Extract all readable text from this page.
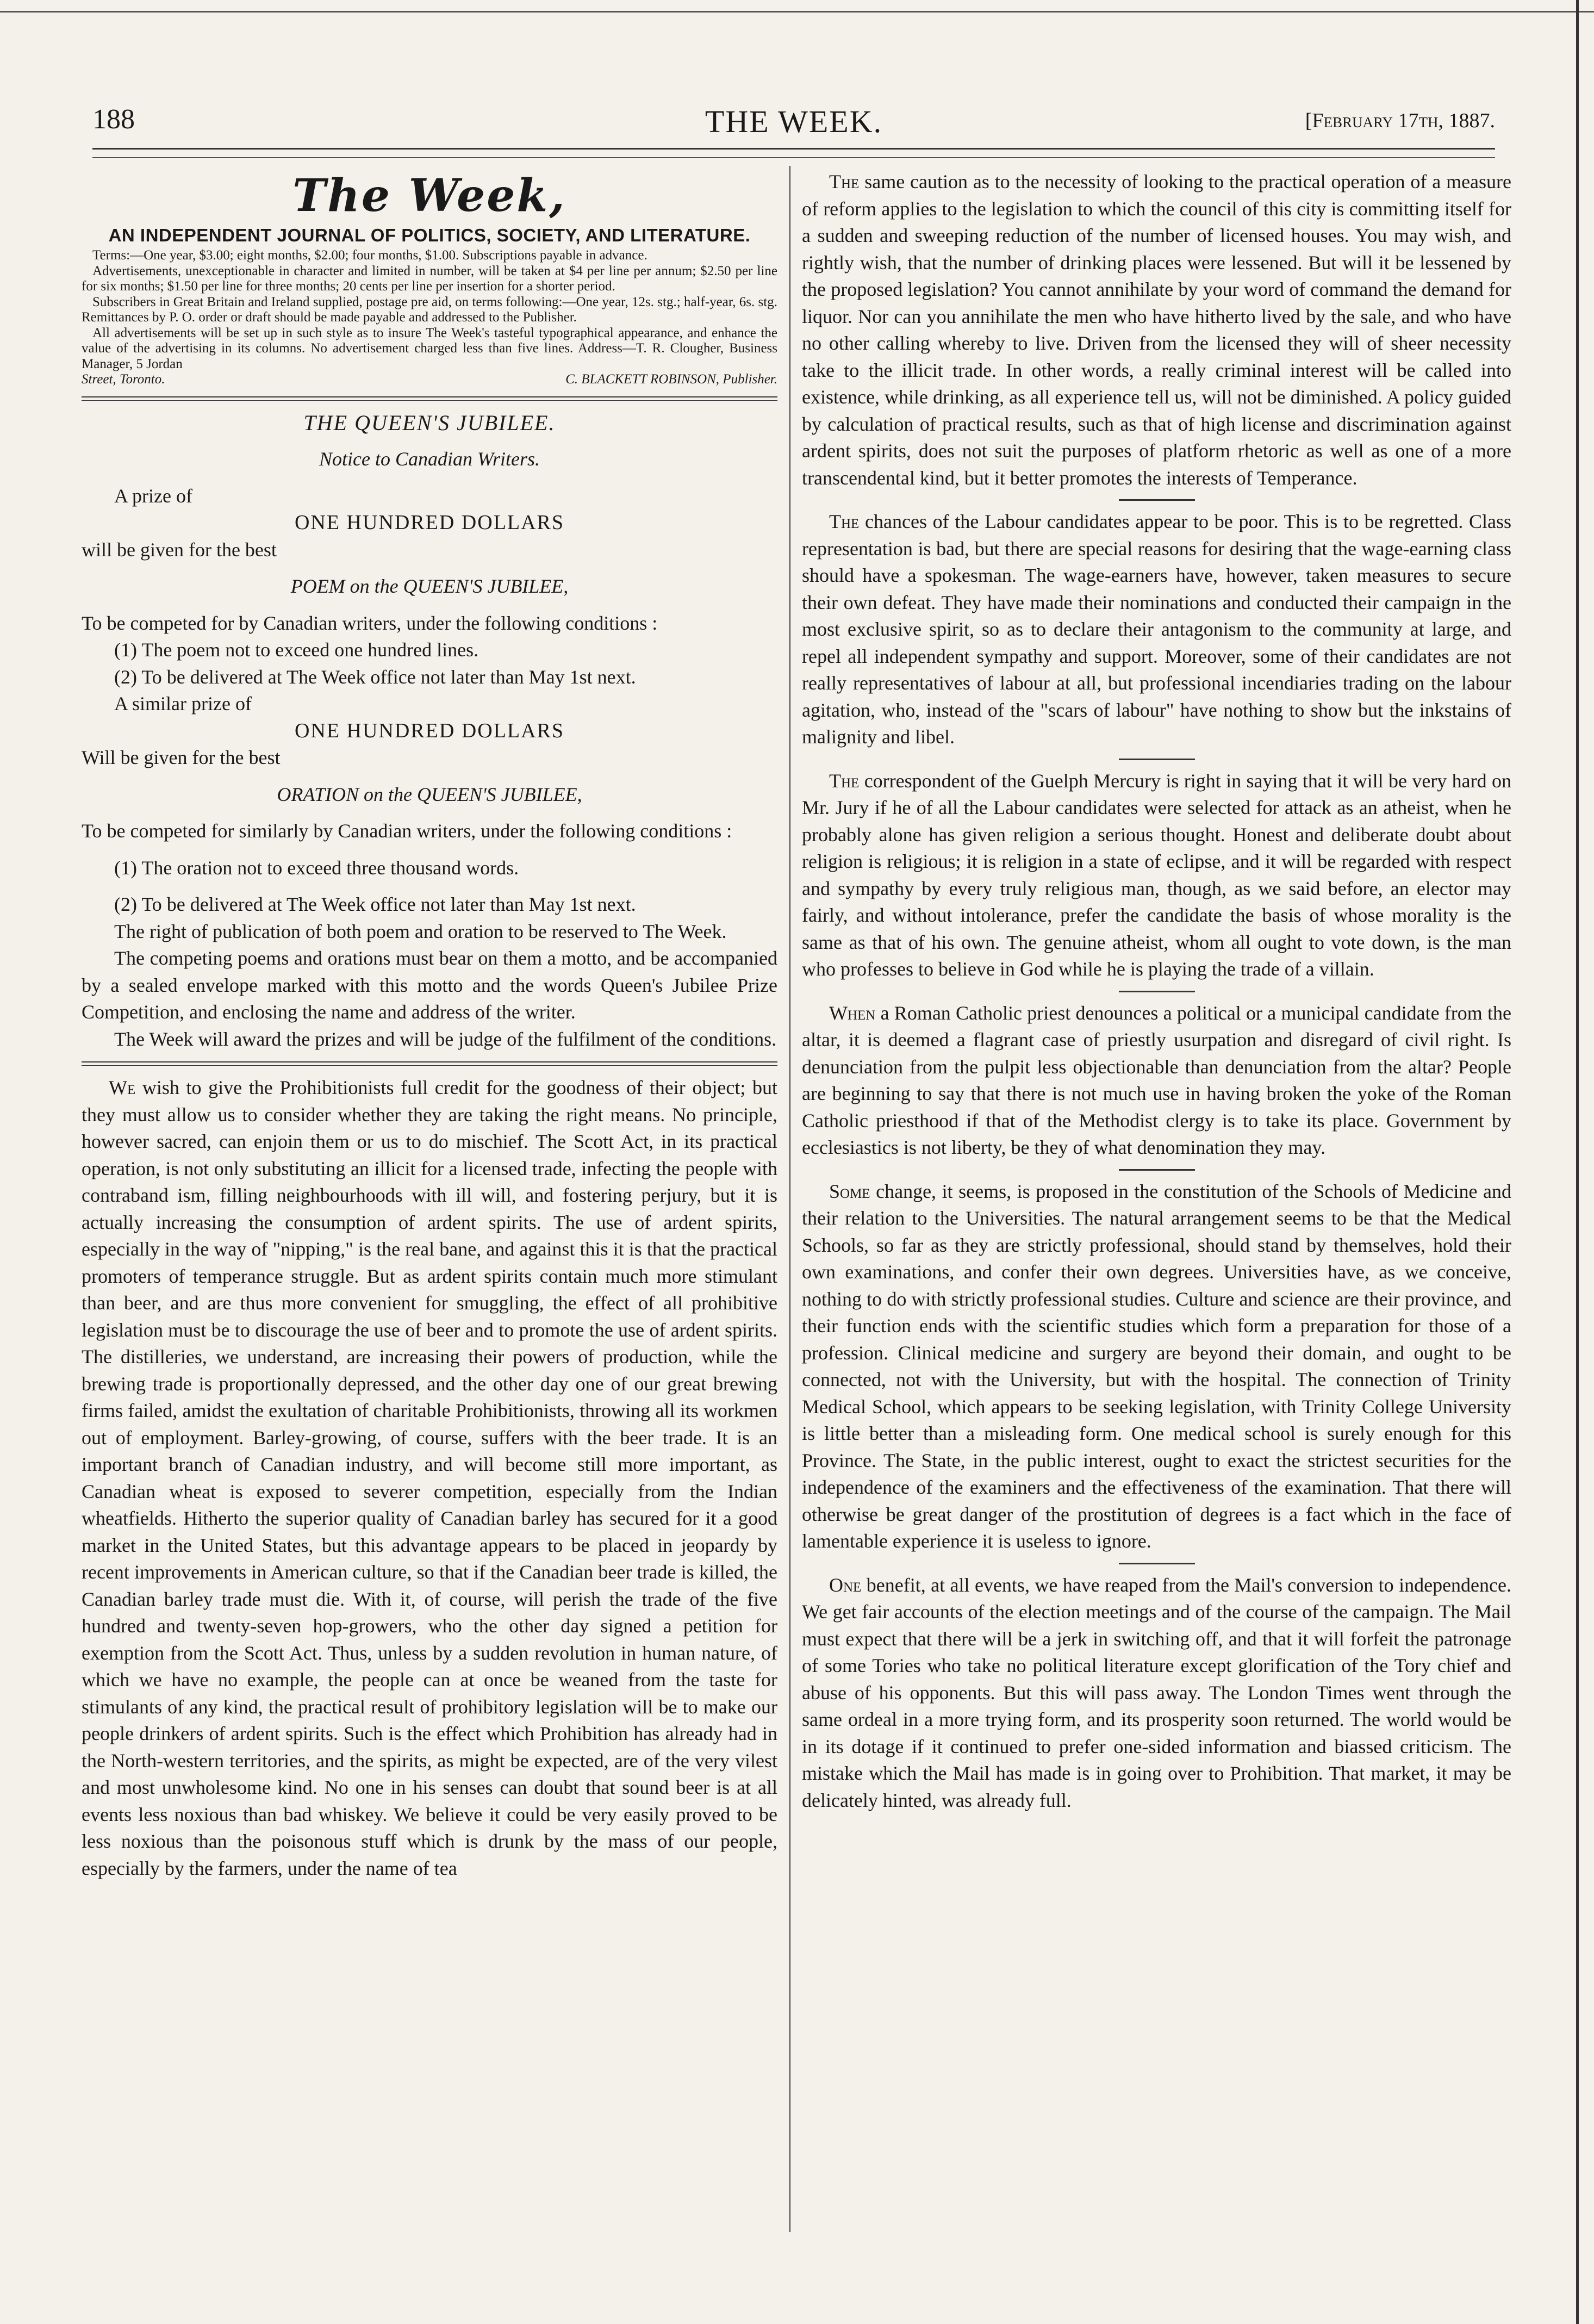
188	THE WEEK.	[February 17th, 1887.
The Week,
AN INDEPENDENT JOURNAL OF POLITICS, SOCIETY, AND LITERATURE.

Terms:—One year, $3.00; eight months, $2.00; four months, $1.00. Subscriptions payable in advance.

Advertisements, unexceptionable in character and limited in number, will be taken at $4 per line per annum; $2.50 per line for six months; $1.50 per line for three months; 20 cents per line per insertion for a shorter period.

Subscribers in Great Britain and Ireland supplied, postage pre aid, on terms following:—One year, 12s. stg.; half-year, 6s. stg. Remittances by P. O. order or draft should be made payable and addressed to the Publisher.

All advertisements will be set up in such style as to insure The Week's tasteful typographical appearance, and enhance the value of the advertising in its columns. No advertisement charged less than five lines. Address—T. R. Clougher, Business Manager, 5 Jordan

Street, Toronto.	C. BLACKETT ROBINSON, Publisher.
THE QUEEN'S JUBILEE.
Notice to Canadian Writers.

A prize of

ONE HUNDRED DOLLARS

will be given for the best

POEM on the QUEEN'S JUBILEE,

To be competed for by Canadian writers, under the following conditions :

(1) The poem not to exceed one hundred lines.

(2) To be delivered at The Week office not later than May 1st next.

A similar prize of

ONE HUNDRED DOLLARS

Will be given for the best

ORATION on the QUEEN'S JUBILEE,

To be competed for similarly by Canadian writers, under the following conditions :

(1) The oration not to exceed three thousand words.

(2) To be delivered at The Week office not later than May 1st next.

The right of publication of both poem and oration to be reserved to The Week.

The competing poems and orations must bear on them a motto, and be accompanied by a sealed envelope marked with this motto and the words Queen's Jubilee Prize Competition, and enclosing the name and address of the writer.

The Week will award the prizes and will be judge of the fulfilment of the conditions.

We wish to give the Prohibitionists full credit for the goodness of their object; but they must allow us to consider whether they are taking the right means. No principle, however sacred, can enjoin them or us to do mischief. The Scott Act, in its practical operation, is not only substituting an illicit for a licensed trade, infecting the people with contraband ism, filling neighbourhoods with ill will, and fostering perjury, but it is actually increasing the consumption of ardent spirits. The use of ardent spirits, especially in the way of "nipping," is the real bane, and against this it is that the practical promoters of temperance struggle. But as ardent spirits contain much more stimulant than beer, and are thus more convenient for smuggling, the effect of all prohibitive legislation must be to discourage the use of beer and to promote the use of ardent spirits. The distilleries, we understand, are increasing their powers of production, while the brewing trade is proportionally depressed, and the other day one of our great brewing firms failed, amidst the exultation of charitable Prohibitionists, throwing all its workmen out of employment. Barley-growing, of course, suffers with the beer trade. It is an important branch of Canadian industry, and will become still more important, as Canadian wheat is exposed to severer competition, especially from the Indian wheatfields. Hitherto the superior quality of Canadian barley has secured for it a good market in the United States, but this advantage appears to be placed in jeopardy by recent improvements in American culture, so that if the Canadian beer trade is killed, the Canadian barley trade must die. With it, of course, will perish the trade of the five hundred and twenty-seven hop-growers, who the other day signed a petition for exemption from the Scott Act. Thus, unless by a sudden revolution in human nature, of which we have no example, the people can at once be weaned from the taste for stimulants of any kind, the practical result of prohibitory legislation will be to make our people drinkers of ardent spirits. Such is the effect which Prohibition has already had in the North-western territories, and the spirits, as might be expected, are of the very vilest and most unwholesome kind. No one in his senses can doubt that sound beer is at all events less noxious than bad whiskey. We believe it could be very easily proved to be less noxious than the poisonous stuff which is drunk by the mass of our people, especially by the farmers, under the name of tea

The same caution as to the necessity of looking to the practical operation of a measure of reform applies to the legislation to which the council of this city is committing itself for a sudden and sweeping reduction of the number of licensed houses. You may wish, and rightly wish, that the number of drinking places were lessened. But will it be lessened by the proposed legislation? You cannot annihilate by your word of command the demand for liquor. Nor can you annihilate the men who have hitherto lived by the sale, and who have no other calling whereby to live. Driven from the licensed they will of sheer necessity take to the illicit trade. In other words, a really criminal interest will be called into existence, while drinking, as all experience tell us, will not be diminished. A policy guided by calculation of practical results, such as that of high license and discrimination against ardent spirits, does not suit the purposes of platform rhetoric as well as one of a more transcendental kind, but it better promotes the interests of Temperance.

The chances of the Labour candidates appear to be poor. This is to be regretted. Class representation is bad, but there are special reasons for desiring that the wage-earning class should have a spokesman. The wage-earners have, however, taken measures to secure their own defeat. They have made their nominations and conducted their campaign in the most exclusive spirit, so as to declare their antagonism to the community at large, and repel all independent sympathy and support. Moreover, some of their candidates are not really representatives of labour at all, but professional incendiaries trading on the labour agitation, who, instead of the "scars of labour" have nothing to show but the inkstains of malignity and libel.

The correspondent of the Guelph Mercury is right in saying that it will be very hard on Mr. Jury if he of all the Labour candidates were selected for attack as an atheist, when he probably alone has given religion a serious thought. Honest and deliberate doubt about religion is religious; it is religion in a state of eclipse, and it will be regarded with respect and sympathy by every truly religious man, though, as we said before, an elector may fairly, and without intolerance, prefer the candidate the basis of whose morality is the same as that of his own. The genuine atheist, whom all ought to vote down, is the man who professes to believe in God while he is playing the trade of a villain.

When a Roman Catholic priest denounces a political or a municipal candidate from the altar, it is deemed a flagrant case of priestly usurpation and disregard of civil right. Is denunciation from the pulpit less objectionable than denunciation from the altar? People are beginning to say that there is not much use in having broken the yoke of the Roman Catholic priesthood if that of the Methodist clergy is to take its place. Government by ecclesiastics is not liberty, be they of what denomination they may.

Some change, it seems, is proposed in the constitution of the Schools of Medicine and their relation to the Universities. The natural arrangement seems to be that the Medical Schools, so far as they are strictly professional, should stand by themselves, hold their own examinations, and confer their own degrees. Universities have, as we conceive, nothing to do with strictly professional studies. Culture and science are their province, and their function ends with the scientific studies which form a preparation for those of a profession. Clinical medicine and surgery are beyond their domain, and ought to be connected, not with the University, but with the hospital. The connection of Trinity Medical School, which appears to be seeking legislation, with Trinity College University is little better than a misleading form. One medical school is surely enough for this Province. The State, in the public interest, ought to exact the strictest securities for the independence of the examiners and the effectiveness of the examination. That there will otherwise be great danger of the prostitution of degrees is a fact which in the face of lamentable experience it is useless to ignore.

One benefit, at all events, we have reaped from the Mail's conversion to independence. We get fair accounts of the election meetings and of the course of the campaign. The Mail must expect that there will be a jerk in switching off, and that it will forfeit the patronage of some Tories who take no political literature except glorification of the Tory chief and abuse of his opponents. But this will pass away. The London Times went through the same ordeal in a more trying form, and its prosperity soon returned. The world would be in its dotage if it continued to prefer one-sided information and biassed criticism. The mistake which the Mail has made is in going over to Prohibition. That market, it may be delicately hinted, was already full.
